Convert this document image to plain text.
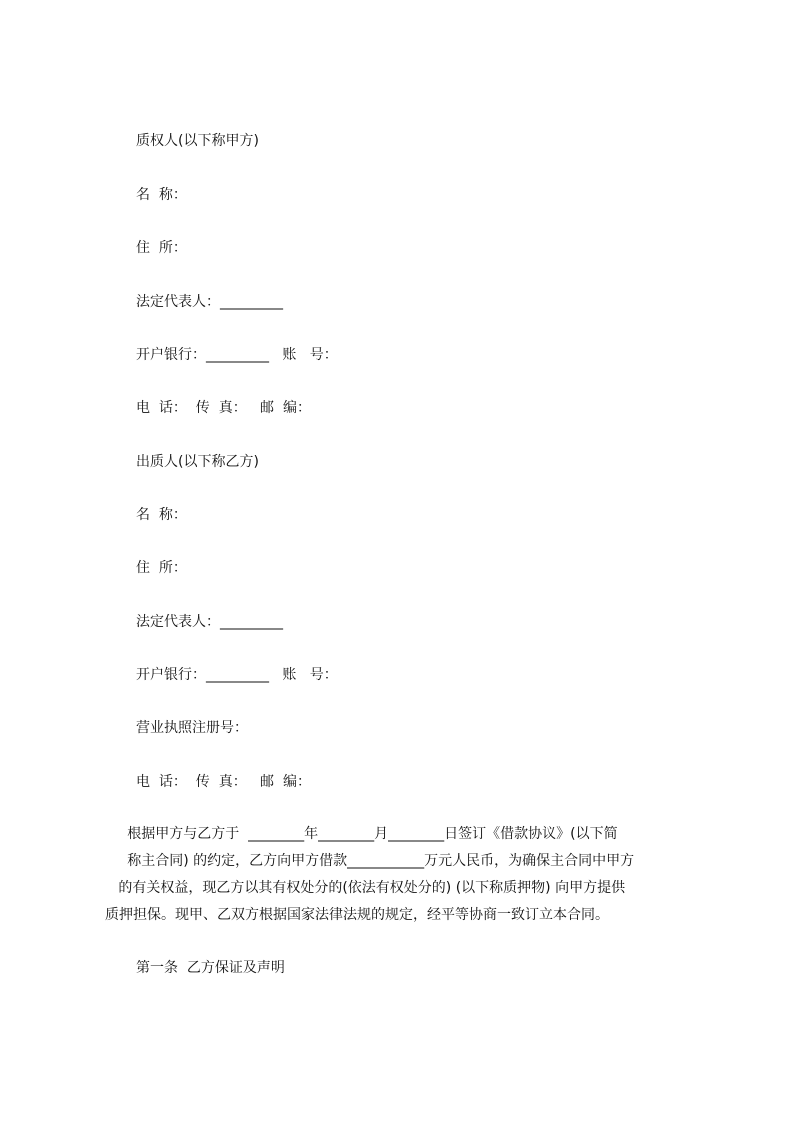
质权人(以下称甲方)
名  称：
住  所：
法定代表人：_________
开户银行：_________   账   号：
电  话：  传  真：   邮  编：
出质人(以下称乙方)
名  称：
住  所：
法定代表人：_________
开户银行：_________   账   号：
营业执照注册号：
电  话：  传  真：   邮  编：
根据甲方与乙方于  ________年________月________日签订《借款协议》(以下简
称主合同) 的约定，乙方向甲方借款___________万元人民币，为确保主合同中甲方
的有关权益，现乙方以其有权处分的(依法有权处分的) (以下称质押物) 向甲方提供
质押担保。现甲、乙双方根据国家法律法规的规定，经平等协商一致订立本合同。
第一条  乙方保证及声明
